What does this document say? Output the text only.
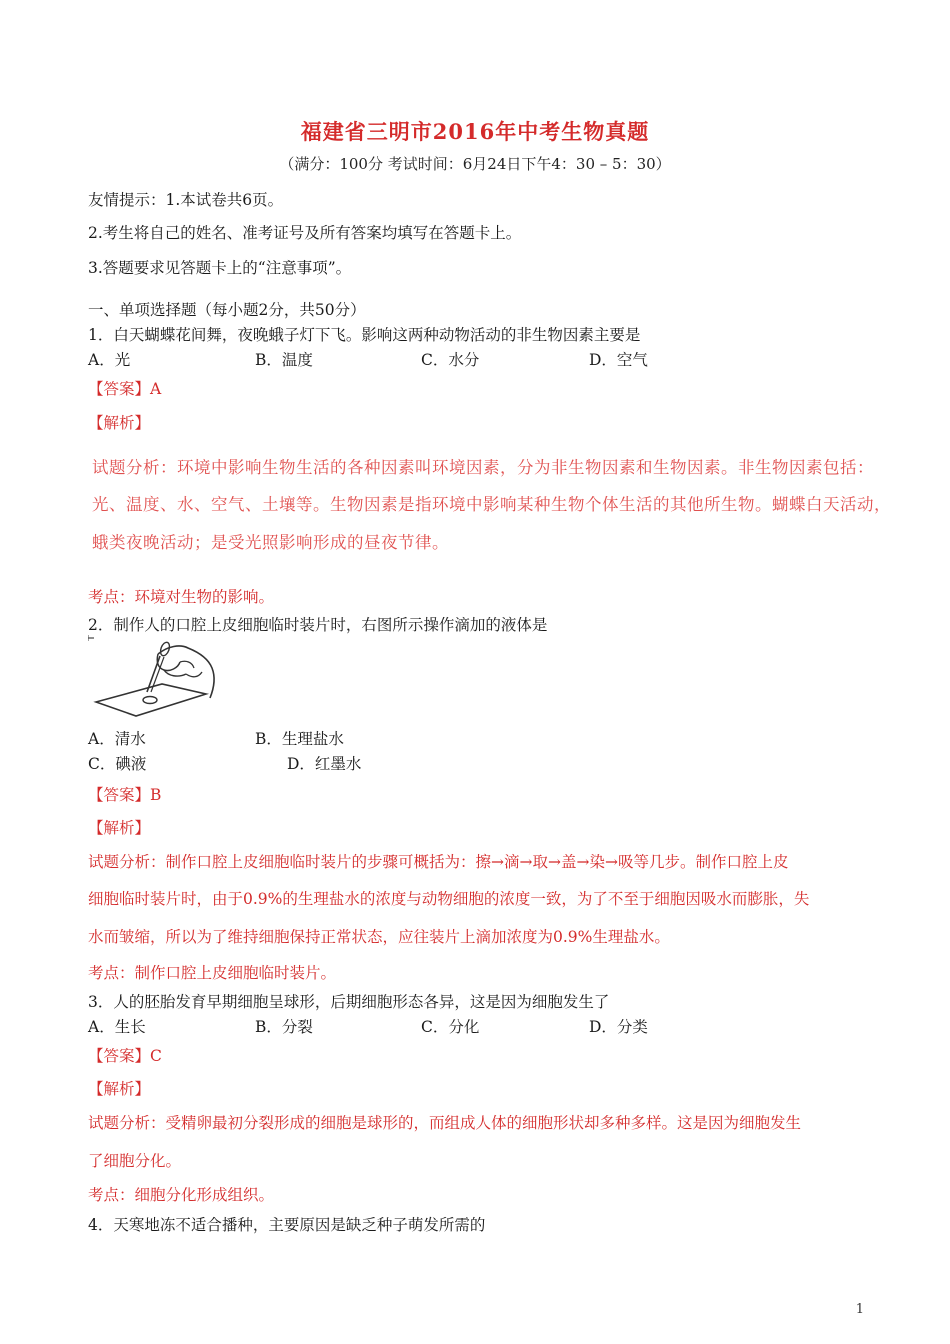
福建省三明市2016年中考生物真题
（满分：100分 考试时间：6月24日下午4：30 – 5：30）
友情提示：1.本试卷共6页。
2.考生将自己的姓名、准考证号及所有答案均填写在答题卡上。
3.答题要求见答题卡上的“注意事项”。
一、单项选择题（每小题2分，共50分）
1．白天蝴蝶花间舞，夜晚蛾子灯下飞。影响这两种动物活动的非生物因素主要是
A．光	B．温度	C．水分	D．空气
【答案】A
【解析】
试题分析：环境中影响生物生活的各种因素叫环境因素，分为非生物因素和生物因素。非生物因素包括：
光、温度、水、空气、土壤等。生物因素是指环境中影响某种生物个体生活的其他所生物。蝴蝶白天活动，
蛾类夜晚活动；是受光照影响形成的昼夜节律。
考点：环境对生物的影响。
2．制作人的口腔上皮细胞临时装片时，右图所示操作滴加的液体是
A．清水	B．生理盐水
C．碘液	D．红墨水
【答案】B
【解析】
试题分析：制作口腔上皮细胞临时装片的步骤可概括为：擦→滴→取→盖→染→吸等几步。制作口腔上皮
细胞临时装片时，由于0.9%的生理盐水的浓度与动物细胞的浓度一致，为了不至于细胞因吸水而膨胀，失
水而皱缩，所以为了维持细胞保持正常状态，应往装片上滴加浓度为0.9%生理盐水。
考点：制作口腔上皮细胞临时装片。
3．人的胚胎发育早期细胞呈球形，后期细胞形态各异，这是因为细胞发生了
A．生长	B．分裂	C．分化	D．分类
【答案】C
【解析】
试题分析：受精卵最初分裂形成的细胞是球形的，而组成人体的细胞形状却多种多样。这是因为细胞发生
了细胞分化。
考点：细胞分化形成组织。
4．天寒地冻不适合播种，主要原因是缺乏种子萌发所需的
1
